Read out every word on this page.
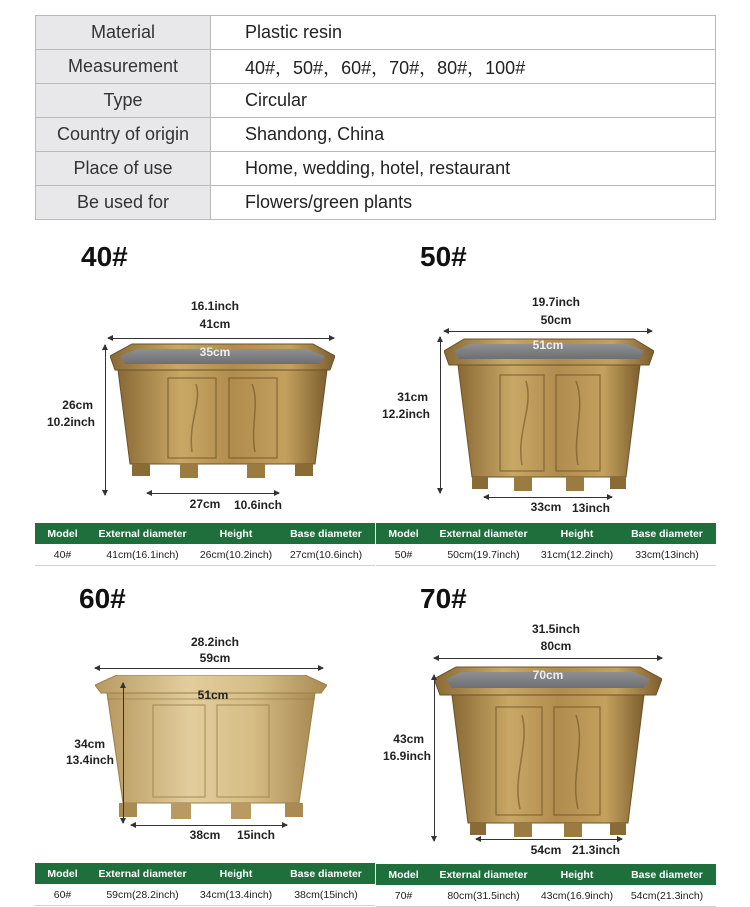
Material	Plastic resin
Measurement	40#，50#，60#，70#，80#，100#
Type	Circular
Country of origin	Shandong, China
Place of use	Home, wedding, hotel, restaurant
Be used for	Flowers/green plants
40#
16.1inch
41cm
35cm
26cm
10.2inch
27cm	10.6inch
Model	External diameter	Height	Base diameter
40#	41cm(16.1inch)	26cm(10.2inch)	27cm(10.6inch)
50#
19.7inch
50cm
51cm
31cm
12.2inch
33cm 13inch
Model	External diameter	Height	Base diameter
50#	50cm(19.7inch)	31cm(12.2inch)	33cm(13inch)
60#
28.2inch
59cm
51cm
34cm
13.4inch
38cm	15inch
Model	External diameter	Height	Base diameter
60#	59cm(28.2inch)	34cm(13.4inch)	38cm(15inch)
70#
31.5inch
80cm
70cm
43cm
16.9inch
54cm 21.3inch
Model	External diameter	Height	Base diameter
70#	80cm(31.5inch)	43cm(16.9inch)	54cm(21.3inch)
